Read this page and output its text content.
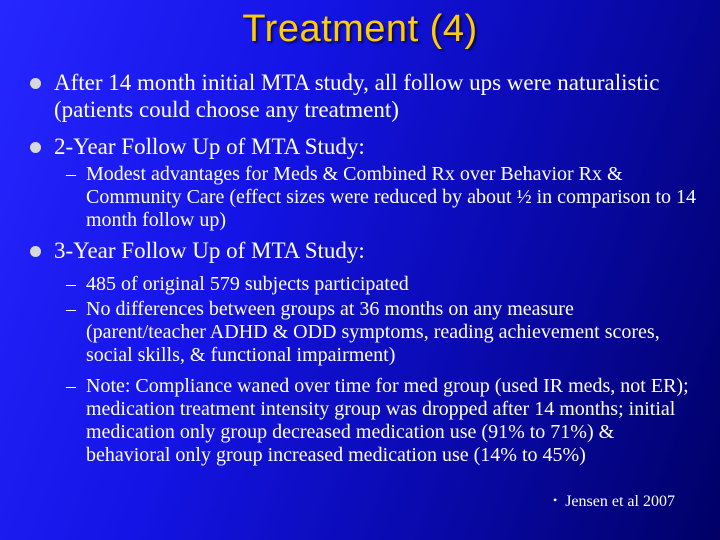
Treatment (4)
After 14 month initial MTA study, all follow ups were naturalistic (patients could choose any treatment)
2-Year Follow Up of MTA Study:
– Modest advantages for Meds & Combined Rx over Behavior Rx & Community Care (effect sizes were reduced by about ½ in comparison to 14 month follow up)
3-Year Follow Up of MTA Study:
– 485 of original 579 subjects participated
– No differences between groups at 36 months on any measure (parent/teacher ADHD & ODD symptoms, reading achievement scores, social skills, & functional impairment)
– Note: Compliance waned over time for med group (used IR meds, not ER); medication treatment intensity group was dropped after 14 months; initial medication only group decreased medication use (91% to 71%) & behavioral only group increased medication use (14% to 45%)
• Jensen et al 2007
